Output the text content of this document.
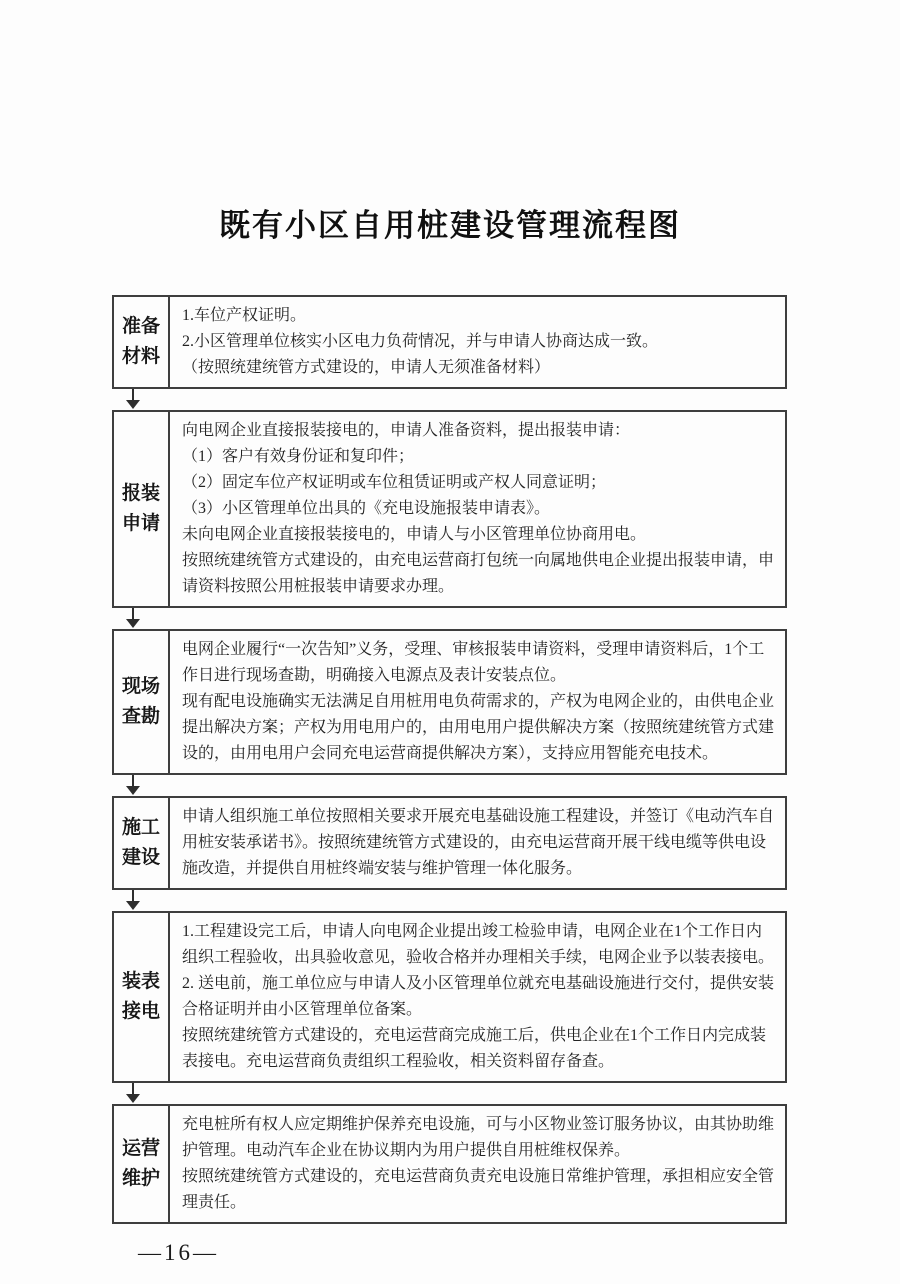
既有小区自用桩建设管理流程图
准备
材料

1.车位产权证明。

2.小区管理单位核实小区电力负荷情况，并与申请人协商达成一致。

（按照统建统管方式建设的，申请人无须准备材料）

报装
申请

向电网企业直接报装接电的，申请人准备资料，提出报装申请：

（1）客户有效身份证和复印件；

（2）固定车位产权证明或车位租赁证明或产权人同意证明；

（3）小区管理单位出具的《充电设施报装申请表》。

未向电网企业直接报装接电的，申请人与小区管理单位协商用电。

按照统建统管方式建设的，由充电运营商打包统一向属地供电企业提出报装申请，申请资料按照公用桩报装申请要求办理。

现场
查勘

电网企业履行“一次告知”义务，受理、审核报装申请资料，受理申请资料后，1个工作日进行现场查勘，明确接入电源点及表计安装点位。

现有配电设施确实无法满足自用桩用电负荷需求的，产权为电网企业的，由供电企业提出解决方案；产权为用电用户的，由用电用户提供解决方案（按照统建统管方式建设的，由用电用户会同充电运营商提供解决方案），支持应用智能充电技术。

施工
建设

申请人组织施工单位按照相关要求开展充电基础设施工程建设，并签订《电动汽车自用桩安装承诺书》。按照统建统管方式建设的，由充电运营商开展干线电缆等供电设施改造，并提供自用桩终端安装与维护管理一体化服务。

装表
接电

1.工程建设完工后，申请人向电网企业提出竣工检验申请，电网企业在1个工作日内组织工程验收，出具验收意见，验收合格并办理相关手续，电网企业予以装表接电。

2. 送电前，施工单位应与申请人及小区管理单位就充电基础设施进行交付，提供安装合格证明并由小区管理单位备案。

按照统建统管方式建设的，充电运营商完成施工后，供电企业在1个工作日内完成装表接电。充电运营商负责组织工程验收，相关资料留存备查。

运营
维护

充电桩所有权人应定期维护保养充电设施，可与小区物业签订服务协议，由其协助维护管理。电动汽车企业在协议期内为用户提供自用桩维权保养。

按照统建统管方式建设的，充电运营商负责充电设施日常维护管理，承担相应安全管理责任。

—16—
